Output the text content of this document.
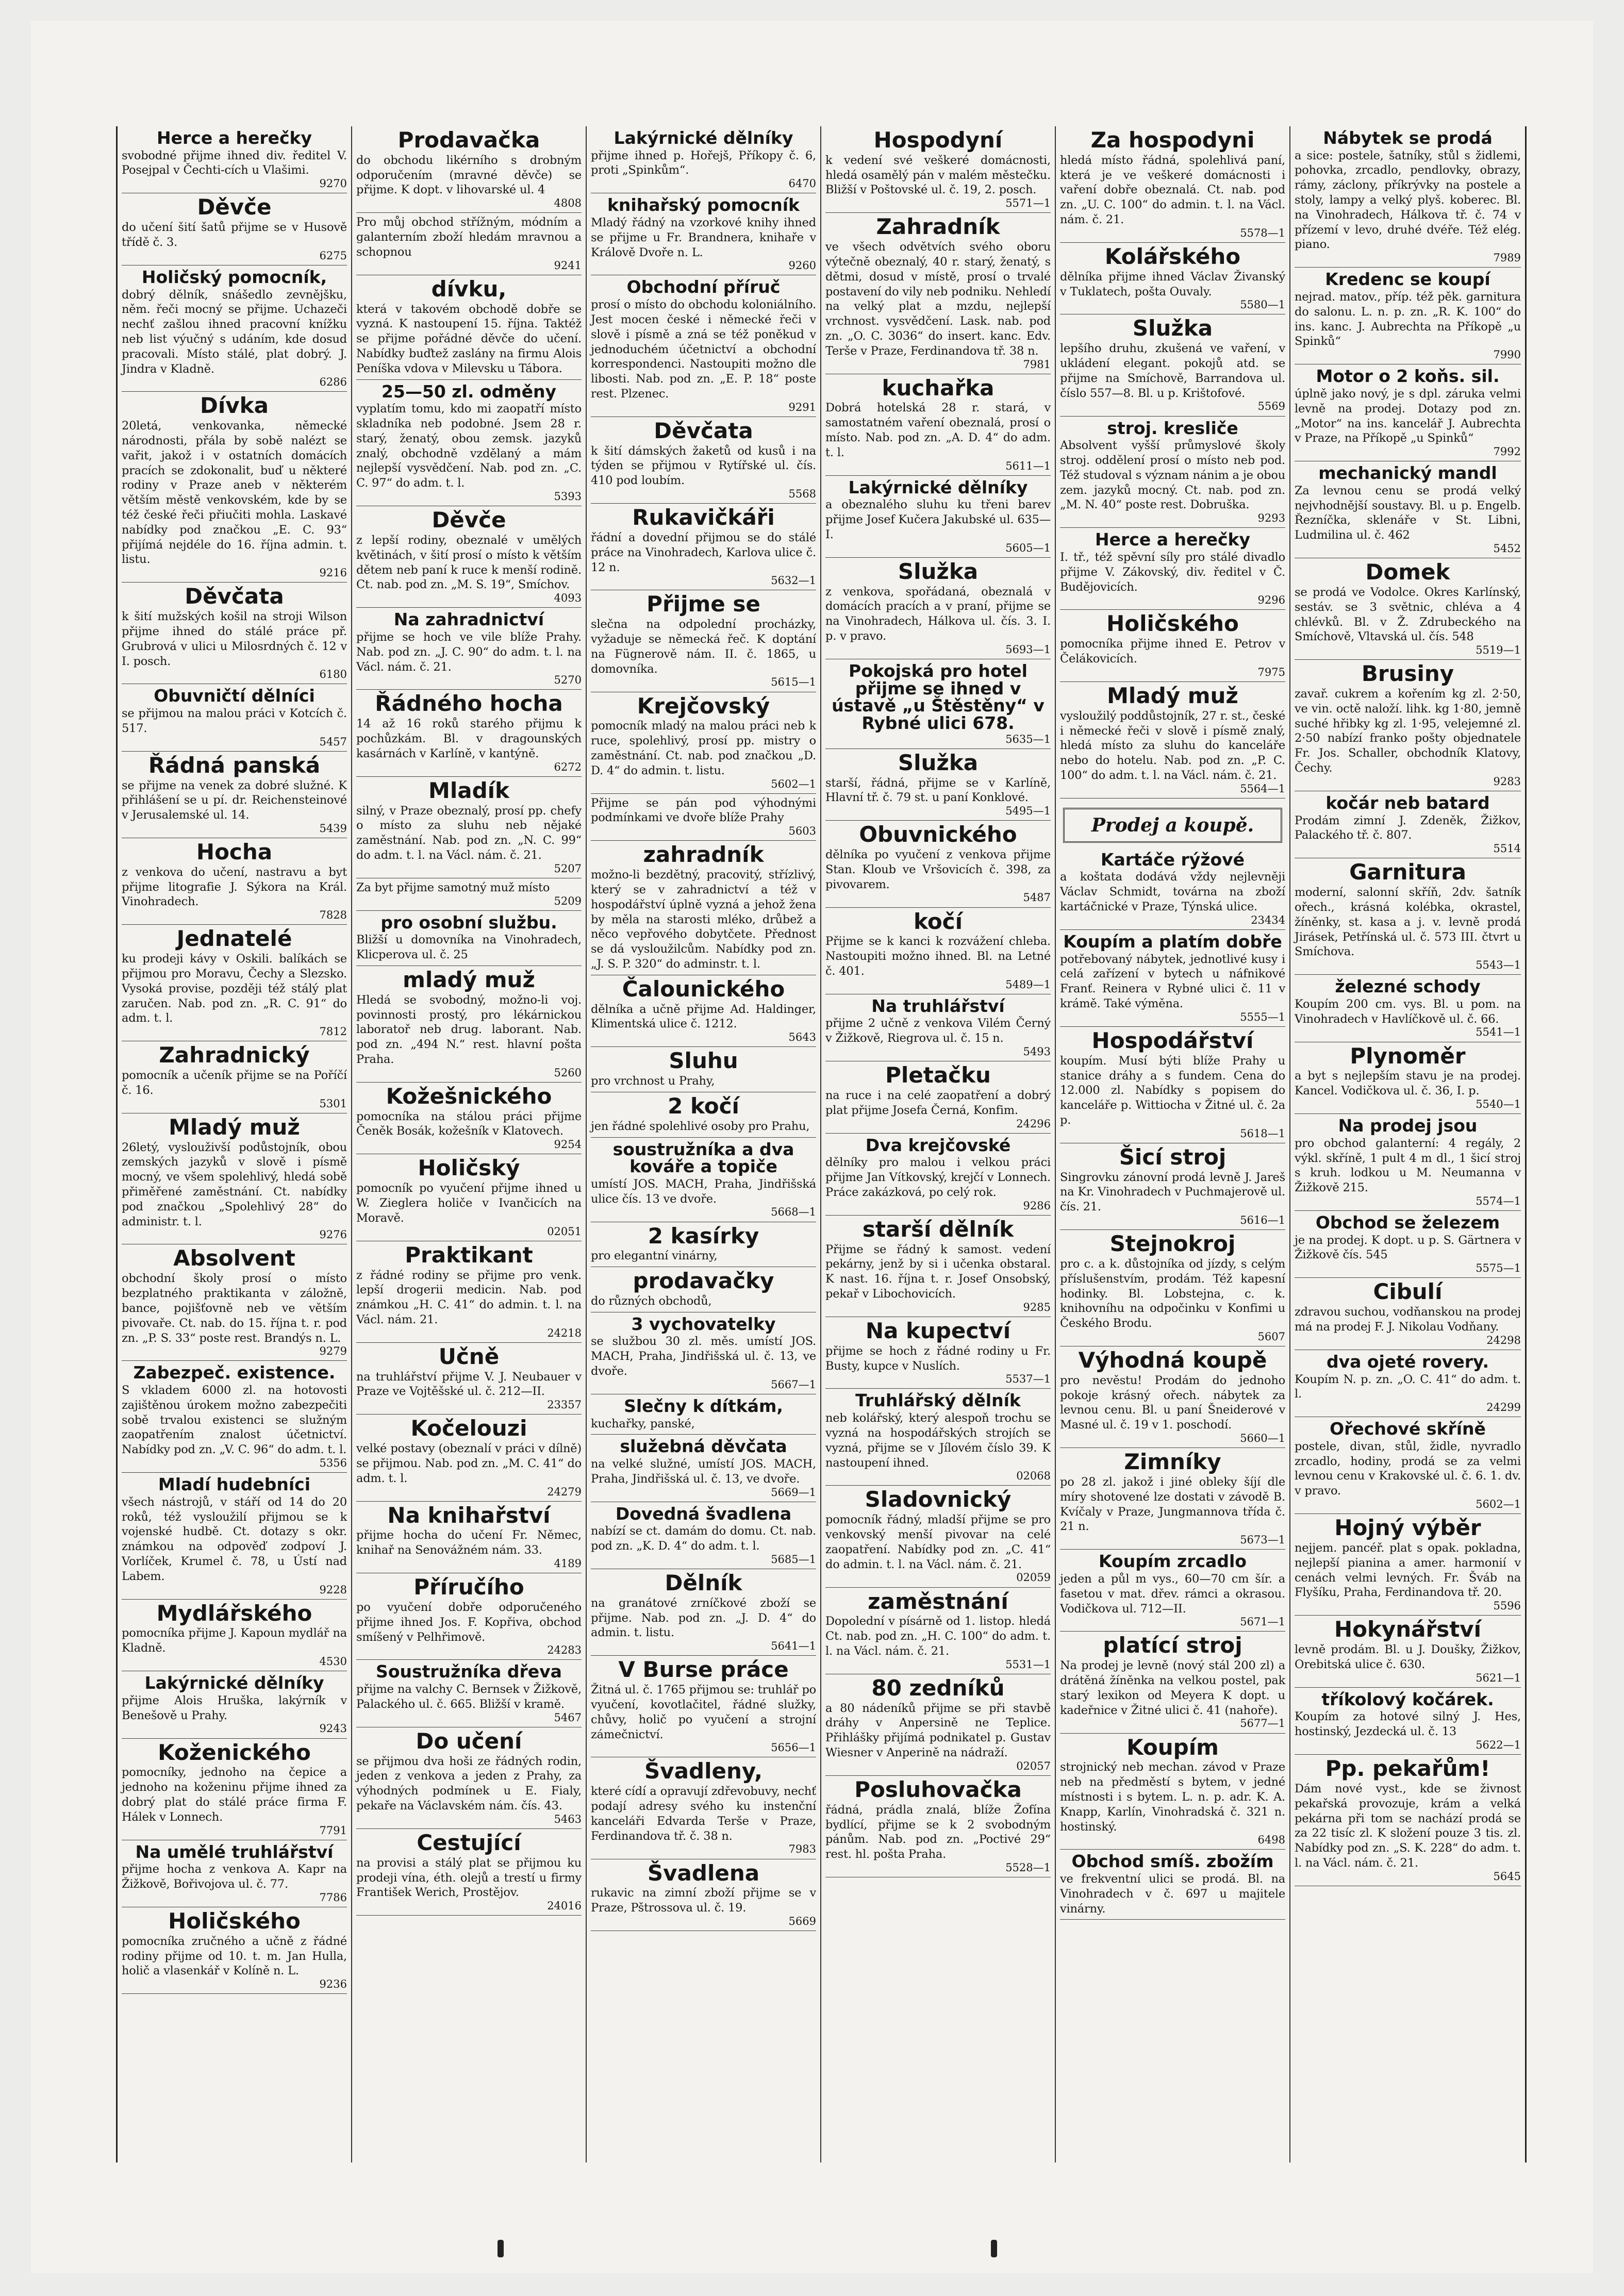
Herce a herečky

svobodné přijme ihned div. ředitel V. Posejpal v Čechti-cích u Vlašimi.

9270
Děvče

do učení šití šatů přijme se v Husově třídě č. 3.

6275
Holičský pomocník,

dobrý dělník, snášedlo zevnějšku, něm. řeči mocný se přijme. Uchazeči nechť zašlou ihned pracovní knížku neb list výučný s udáním, kde dosud pracovali. Místo stálé, plat dobrý. J. Jindra v Kladně.

6286
Dívka

20letá, venkovanka, německé národnosti, přála by sobě nalézt se vařit, jakož i v ostatních domácích pracích se zdokonalit, buď u některé rodiny v Praze aneb v některém větším městě venkovském, kde by se též české řeči přiučiti mohla. Laskavé nabídky pod značkou „E. C. 93“ přijímá nejdéle do 16. října admin. t. listu.

9216
Děvčata

k šití mužských košil na stroji Wilson přijme ihned do stálé práce př. Grubrová v ulici u Milosrdných č. 12 v I. posch.

6180
Obuvničtí dělníci

se přijmou na malou práci v Kotcích č. 517.

5457
Řádná panská

se přijme na venek za dobré služné. K přihlášení se u pí. dr. Reichensteinové v Jerusalemské ul. 14.

5439
Hocha

z venkova do učení, nastravu a byt přijme litografie J. Sýkora na Král. Vinohradech.

7828
Jednatelé

ku prodeji kávy v Oskili. balíkách se přijmou pro Moravu, Čechy a Slezsko. Vysoká provise, později též stálý plat zaručen. Nab. pod zn. „R. C. 91“ do adm. t. l.

7812
Zahradnický

pomocník a učeník přijme se na Poříčí č. 16.

5301
Mladý muž

26letý, vyslouživší podůstojník, obou zemských jazyků v slově i písmě mocný, ve všem spolehlivý, hledá sobě přiměřené zaměstnání. Ct. nabídky pod značkou „Spolehlivý 28“ do administr. t. l.

9276
Absolvent

obchodní školy prosí o místo bezplatného praktikanta v záložně, bance, pojišťovně neb ve větším pivovaře. Ct. nab. do 15. října t. r. pod zn. „P. S. 33“ poste rest. Brandýs n. L.

9279
Zabezpeč. existence.

S vkladem 6000 zl. na hotovosti zajištěnou úrokem možno zabezpečiti sobě trvalou existenci se služným zaopatřením znalost účetnictví. Nabídky pod zn. „V. C. 96“ do adm. t. l.

5356
Mladí hudebníci

všech nástrojů, v stáří od 14 do 20 roků, též vysloužilí přijmou se k vojenské hudbě. Ct. dotazy s okr. známkou na odpověď zodpoví J. Vorlíček, Krumel č. 78, u Ústí nad Labem.

9228
Mydlářského

pomocníka přijme J. Kapoun mydlář na Kladně.

4530
Lakýrnické dělníky

přijme Alois Hruška, lakýrník v Benešově u Prahy.

9243
Koženického

pomocníky, jednoho na čepice a jednoho na koženinu přijme ihned za dobrý plat do stálé práce firma F. Hálek v Lonnech.

7791
Na umělé truhlářství

přijme hocha z venkova A. Kapr na Žižkově, Bořivojova ul. č. 77.

7786
Holičského

pomocníka zručného a učně z řádné rodiny přijme od 10. t. m. Jan Hulla, holič a vlasenkář v Kolíně n. L.

9236
Prodavačka

do obchodu likérního s drobným odporučením (mravné děvče) se přijme. K dopt. v lihovarské ul. 4

4808

Pro můj obchod střížným, módním a galanterním zboží hledám mravnou a schopnou

9241
dívku,

která v takovém obchodě dobře se vyzná. K nastoupení 15. října. Taktéž se přijme pořádné děvče do učení. Nabídky buďtež zaslány na firmu Alois Peníška vdova v Milevsku u Tábora.

25—50 zl. odměny

vyplatím tomu, kdo mi zaopatří místo skladníka neb podobné. Jsem 28 r. starý, ženatý, obou zemsk. jazyků znalý, obchodně vzdělaný a mám nejlepší vysvědčení. Nab. pod zn. „C. C. 97“ do adm. t. l.

5393
Děvče

z lepší rodiny, obeznalé v umělých květinách, v šití prosí o místo k větším dětem neb paní k ruce k menší rodině. Ct. nab. pod zn. „M. S. 19“, Smíchov.

4093
Na zahradnictví

přijme se hoch ve vile blíže Prahy. Nab. pod zn. „J. C. 90“ do adm. t. l. na Václ. nám. č. 21.

5270
Řádného hocha

14 až 16 roků starého přijmu k pochůzkám. Bl. v dragounských kasárnách v Karlíně, v kantýně.

6272
Mladík

silný, v Praze obeznalý, prosí pp. chefy o místo za sluhu neb nějaké zaměstnání. Nab. pod zn. „N. C. 99“ do adm. t. l. na Václ. nám. č. 21.

5207

Za byt přijme samotný muž místo

5209
pro osobní službu.

Bližší u domovníka na Vinohradech, Klicperova ul. č. 25

mladý muž

Hledá se svobodný, možno-li voj. povinnosti prostý, pro lékárnickou laboratoř neb drug. laborant. Nab. pod zn. „494 N.“ rest. hlavní pošta Praha.

5260
Kožešnického

pomocníka na stálou práci přijme Čeněk Bosák, kožešník v Klatovech.

9254
Holičský

pomocník po vyučení přijme ihned u W. Zieglera holiče v Ivančicích na Moravě.

02051
Praktikant

z řádné rodiny se přijme pro venk. lepší drogerii medicin. Nab. pod známkou „H. C. 41“ do admin. t. l. na Václ. nám. 21.

24218
Učně

na truhlářství přijme V. J. Neubauer v Praze ve Vojtěšské ul. č. 212—II.

23357
Kočelouzi

velké postavy (obeznalí v práci v dílně) se přijmou. Nab. pod zn. „M. C. 41“ do adm. t. l.

24279
Na knihařství

přijme hocha do učení Fr. Němec, knihař na Senovážném nám. 33.

4189
Příručího

po vyučení dobře odporučeného přijme ihned Jos. F. Kopřiva, obchod smíšený v Pelhřimově.

24283
Soustružníka dřeva

přijme na valchy C. Bernsek v Žižkově, Palackého ul. č. 665. Bližší v kramě.

5467
Do učení

se přijmou dva hoši ze řádných rodin, jeden z venkova a jeden z Prahy, za výhodných podmínek u E. Fialy, pekaře na Václavském nám. čís. 43.

5463
Cestující

na provisi a stálý plat se přijmou ku prodeji vína, éth. olejů a trestí u firmy František Werich, Prostějov.

24016
Lakýrnické dělníky

přijme ihned p. Hořejš, Příkopy č. 6, proti „Spinkům“.

6470
knihařský pomocník

Mladý řádný na vzorkové knihy ihned se přijme u Fr. Brandnera, knihaře v Králově Dvoře n. L.

9260
Obchodní příruč

prosí o místo do obchodu koloniálního. Jest mocen české i německé řeči v slově i písmě a zná se též poněkud v jednoduchém účetnictví a obchodní korrespondenci. Nastoupiti možno dle libosti. Nab. pod zn. „E. P. 18“ poste rest. Plzenec.

9291
Děvčata

k šití dámských žaketů od kusů i na týden se přijmou v Rytířské ul. čís. 410 pod loubím.

5568
Rukavičkáři

řádní a dovední přijmou se do stálé práce na Vinohradech, Karlova ulice č. 12 n.

5632—1
Přijme se

slečna na odpolední procházky, vyžaduje se německá řeč. K doptání na Fügnerově nám. II. č. 1865, u domovníka.

5615—1
Krejčovský

pomocník mladý na malou práci neb k ruce, spolehlivý, prosí pp. mistry o zaměstnání. Ct. nab. pod značkou „D. D. 4“ do admin. t. listu.

5602—1

Přijme se pán pod výhodnými podmínkami ve dvoře blíže Prahy

5603
zahradník

možno-li bezdětný, pracovitý, střízlivý, který se v zahradnictví a též v hospodářství úplně vyzná a jehož žena by měla na starosti mléko, drůbež a něco vepřového dobytčete. Přednost se dá vysloužilcům. Nabídky pod zn. „J. S. P. 320“ do adminstr. t. l.

Čalounického

dělníka a učně přijme Ad. Haldinger, Klimentská ulice č. 1212.

5643
Sluhu

pro vrchnost u Prahy,

2 kočí

jen řádné spolehlivé osoby pro Prahu,

soustružníka a dva kováře a topiče

umístí JOS. MACH, Praha, Jindřišská ulice čís. 13 ve dvoře.

5668—1
2 kasírky

pro elegantní vinárny,

prodavačky

do různých obchodů,

3 vychovatelky

se službou 30 zl. měs. umístí JOS. MACH, Praha, Jindřišská ul. č. 13, ve dvoře.

5667—1
Slečny k dítkám,

kuchařky, panské,

služebná děvčata

na velké služné, umístí JOS. MACH, Praha, Jindřišská ul. č. 13, ve dvoře.

5669—1
Dovedná švadlena

nabízí se ct. damám do domu. Ct. nab. pod zn. „K. D. 4“ do adm. t. l.

5685—1
Dělník

na granátové zrníčkové zboží se přijme. Nab. pod zn. „J. D. 4“ do admin. t. listu.

5641—1
V Burse práce

Žitná ul. č. 1765 přijmou se: truhlář po vyučení, kovotlačitel, řádné služky, chůvy, holič po vyučení a strojní zámečnictví.

5656—1
Švadleny,

které cídí a opravují zdřevobuvy, nechť podají adresy svého ku instenční kanceláři Edvarda Terše v Praze, Ferdinandova tř. č. 38 n.

7983
Švadlena

rukavic na zimní zboží přijme se v Praze, Pštrossova ul. č. 19.

5669
Hospodyní

k vedení své veškeré domácnosti, hledá osamělý pán v malém městečku. Bližší v Poštovské ul. č. 19, 2. posch.

5571—1
Zahradník

ve všech odvětvích svého oboru výtečně obeznalý, 40 r. starý, ženatý, s dětmi, dosud v místě, prosí o trvalé postavení do vily neb podniku. Nehledí na velký plat a mzdu, nejlepší vrchnost. vysvědčení. Lask. nab. pod zn. „O. C. 3036“ do insert. kanc. Edv. Terše v Praze, Ferdinandova tř. 38 n.

7981
kuchařka

Dobrá hotelská 28 r. stará, v samostatném vaření obeznalá, prosí o místo. Nab. pod zn. „A. D. 4“ do adm. t. l.

5611—1
Lakýrnické dělníky

a obeznalého sluhu ku třeni barev přijme Josef Kučera Jakubské ul. 635—I.

5605—1
Služka

z venkova, spořádaná, obeznalá v domácích pracích a v praní, přijme se na Vinohradech, Hálkova ul. čís. 3. I. p. v pravo.

5693—1
Pokojská pro hotel přijme se ihned v ústavě „u Štěstěny“ v Rybné ulici 678.
5635—1
Služka

starší, řádná, přijme se v Karlíně, Hlavní tř. č. 79 st. u paní Konklové.

5495—1
Obuvnického

dělníka po vyučení z venkova přijme Stan. Kloub ve Vršovicích č. 398, za pivovarem.

5487
kočí

Přijme se k kanci k rozvážení chleba. Nastoupiti možno ihned. Bl. na Letné č. 401.

5489—1
Na truhlářství

přijme 2 učně z venkova Vilém Černý v Žižkově, Riegrova ul. č. 15 n.

5493
Pletačku

na ruce i na celé zaopatření a dobrý plat přijme Josefa Černá, Konfim.

24296
Dva krejčovské

dělníky pro malou i velkou práci přijme Jan Vítkovský, krejčí v Lonnech. Práce zakázková, po celý rok.

9286
starší dělník

Přijme se řádný k samost. vedení pekárny, jenž by si i učenka obstaral. K nast. 16. října t. r. Josef Onsobský, pekař v Libochovicích.

9285
Na kupectví

přijme se hoch z řádné rodiny u Fr. Busty, kupce v Nuslích.

5537—1
Truhlářský dělník

neb kolářský, který alespoň trochu se vyzná na hospodářských strojích se vyzná, přijme se v Jílovém číslo 39. K nastoupení ihned.

02068
Sladovnický

pomocník řádný, mladší přijme se pro venkovský menší pivovar na celé zaopatření. Nabídky pod zn. „C. 41“ do admin. t. l. na Václ. nám. č. 21.

02059
zaměstnání

Dopolední v písárně od 1. listop. hledá Ct. nab. pod zn. „H. C. 100“ do adm. t. l. na Václ. nám. č. 21.

5531—1
80 zedníků

a 80 nádeníků přijme se při stavbě dráhy v Anpersině ne Teplice. Přihlášky přijímá podnikatel p. Gustav Wiesner v Anperině na nádraží.

02057
Posluhovačka

řádná, prádla znalá, blíže Žofína bydlící, přijme se k 2 svobodným pánům. Nab. pod zn. „Poctivé 29“ rest. hl. pošta Praha.

5528—1
Za hospodyni

hledá místo řádná, spolehlivá paní, která je ve veškeré domácnosti i vaření dobře obeznalá. Ct. nab. pod zn. „U. C. 100“ do admin. t. l. na Václ. nám. č. 21.

5578—1
Kolářského

dělníka přijme ihned Václav Živanský v Tuklatech, pošta Ouvaly.

5580—1
Služka

lepšího druhu, zkušená ve vaření, v ukládení elegant. pokojů atd. se přijme na Smíchově, Barrandova ul. číslo 557—8. Bl. u p. Krištofové.

5569
stroj. kresliče

Absolvent vyšší průmyslové školy stroj. oddělení prosí o místo neb pod. Též studoval s význam nánim a je obou zem. jazyků mocný. Ct. nab. pod zn. „M. N. 40“ poste rest. Dobruška.

9293
Herce a herečky

I. tř., též spěvní síly pro stálé divadlo přijme V. Zákovský, div. ředitel v Č. Budějovicích.

9296
Holičského

pomocníka přijme ihned E. Petrov v Čelákovicích.

7975
Mladý muž

vysloužilý poddůstojník, 27 r. st., české i německé řeči v slově i písmě znalý, hledá místo za sluhu do kanceláře nebo do hotelu. Nab. pod zn. „P. C. 100“ do adm. t. l. na Václ. nám. č. 21.

5564—1
Prodej a koupě.
Kartáče rýžové

a koštata dodává vždy nejlevněji Václav Schmidt, továrna na zboží kartáčnické v Praze, Týnská ulice.

23434
Koupím a platím dobře

potřebovaný nábytek, jednotlivé kusy i celá zařízení v bytech u náfnikové Franť. Reinera v Rybné ulici č. 11 v krámě. Také výměna.

5555—1
Hospodářství

koupím. Musí býti blíže Prahy u stanice dráhy a s fundem. Cena do 12.000 zl. Nabídky s popisem do kanceláře p. Wittiocha v Žitné ul. č. 2a p.

5618—1
Šicí stroj

Singrovku zánovní prodá levně J. Jareš na Kr. Vinohradech v Puchmajerově ul. čís. 21.

5616—1
Stejnokroj

pro c. a k. důstojníka od jízdy, s celým příslušenstvím, prodám. Též kapesní hodinky. Bl. Lobstejna, c. k. knihovníhu na odpočinku v Konfimi u Českého Brodu.

5607
Výhodná koupě

pro nevěstu! Prodám do jednoho pokoje krásný ořech. nábytek za levnou cenu. Bl. u paní Šneiderové v Masné ul. č. 19 v 1. poschodí.

5660—1
Zimníky

po 28 zl. jakož i jiné obleky šíjí dle míry shotovené lze dostati v závodě B. Kvíčaly v Praze, Jungmannova třída č. 21 n.

5673—1
Koupím zrcadlo

jeden a půl m vys., 60—70 cm šír. a fasetou v mat. dřev. rámci a okrasou. Vodičkova ul. 712—II.

5671—1
platící stroj

Na prodej je levně (nový stál 200 zl) a drátěná žíněnka na velkou postel, pak starý lexikon od Meyera K dopt. u kadeřnice v Žitné ulici č. 41 (nahoře).

5677—1
Koupím

strojnický neb mechan. závod v Praze neb na předměstí s bytem, v jedné místnosti i s bytem. L. n. p. adr. K. A. Knapp, Karlín, Vinohradská č. 321 n. hostinský.

6498
Obchod smíš. zbožím

ve frekventní ulici se prodá. Bl. na Vinohradech v č. 697 u majitele vinárny.

Nábytek se prodá

a sice: postele, šatníky, stůl s židlemi, pohovka, zrcadlo, pendlovky, obrazy, rámy, záclony, příkrývky na postele a stoly, lampy a velký plyš. koberec. Bl. na Vinohradech, Hálkova tř. č. 74 v přízemí v levo, druhé dvéře. Též elég. piano.

7989
Kredenc se koupí

nejrad. matov., příp. též pěk. garnitura do salonu. L. n. p. zn. „R. K. 100“ do ins. kanc. J. Aubrechta na Příkopě „u Spinků“

7990
Motor o 2 koňs. sil.

úplně jako nový, je s dpl. záruka velmi levně na prodej. Dotazy pod zn. „Motor“ na ins. kancelář J. Aubrechta v Praze, na Příkopě „u Spinků“

7992
mechanický mandl

Za levnou cenu se prodá velký nejvhodnější soustavy. Bl. u p. Engelb. Řezníčka, sklenáře v St. Libni, Ludmilina ul. č. 462

5452
Domek

se prodá ve Vodolce. Okres Karlínský, sestáv. se 3 světnic, chléva a 4 chlévků. Bl. v Ž. Zdrubeckého na Smíchově, Vltavská ul. čís. 548

5519—1
Brusiny

zavař. cukrem a kořením kg zl. 2·50, ve vin. octě naloží. lihk. kg 1·80, jemně suché hřibky kg zl. 1·95, velejemné zl. 2·50 nabízí franko pošty objednatele Fr. Jos. Schaller, obchodník Klatovy, Čechy.

9283
kočár neb batard

Prodám zimní J. Zdeněk, Žižkov, Palackého tř. č. 807.

5514
Garnitura

moderní, salonní skříň, 2dv. šatník ořech., krásná kolébka, okrastel, žíněnky, st. kasa a j. v. levně prodá Jirásek, Petřínská ul. č. 573 III. čtvrt u Smíchova.

5543—1
železné schody

Koupím 200 cm. vys. Bl. u pom. na Vinohradech v Havlíčkově ul. č. 66.

5541—1
Plynoměr

a byt s nejlepším stavu je na prodej. Kancel. Vodičkova ul. č. 36, I. p.

5540—1
Na prodej jsou

pro obchod galanterní: 4 regály, 2 výkl. skříně, 1 pult 4 m dl., 1 šicí stroj s kruh. lodkou u M. Neumanna v Žižkově 215.

5574—1
Obchod se železem

je na prodej. K dopt. u p. S. Gärtnera v Žižkově čís. 545

5575—1
Cibulí

zdravou suchou, vodňanskou na prodej má na prodej F. J. Nikolau Vodňany.

24298
dva ojeté rovery.

Koupím N. p. zn. „O. C. 41“ do adm. t. l.

24299
Ořechové skříně

postele, divan, stůl, židle, nyvradlo zrcadlo, hodiny, prodá se za velmi levnou cenu v Krakovské ul. č. 6. 1. dv. v pravo.

5602—1
Hojný výběr

nejjem. pancéř. plat s opak. pokladna, nejlepší pianina a amer. harmonií v cenách velmi levných. Fr. Šváb na Flyšíku, Praha, Ferdinandova tř. 20.

5596
Hokynářství

levně prodám. Bl. u J. Doušky, Žižkov, Orebitská ulice č. 630.

5621—1
tříkolový kočárek.

Koupím za hotové silný J. Hes, hostinský, Jezdecká ul. č. 13

5622—1
Pp. pekařům!

Dám nové vyst., kde se živnost pekařská provozuje, krám a velká pekárna při tom se nachází prodá se za 22 tisíc zl. K složení pouze 3 tis. zl. Nabídky pod zn. „S. K. 228“ do adm. t. l. na Václ. nám. č. 21.

5645
